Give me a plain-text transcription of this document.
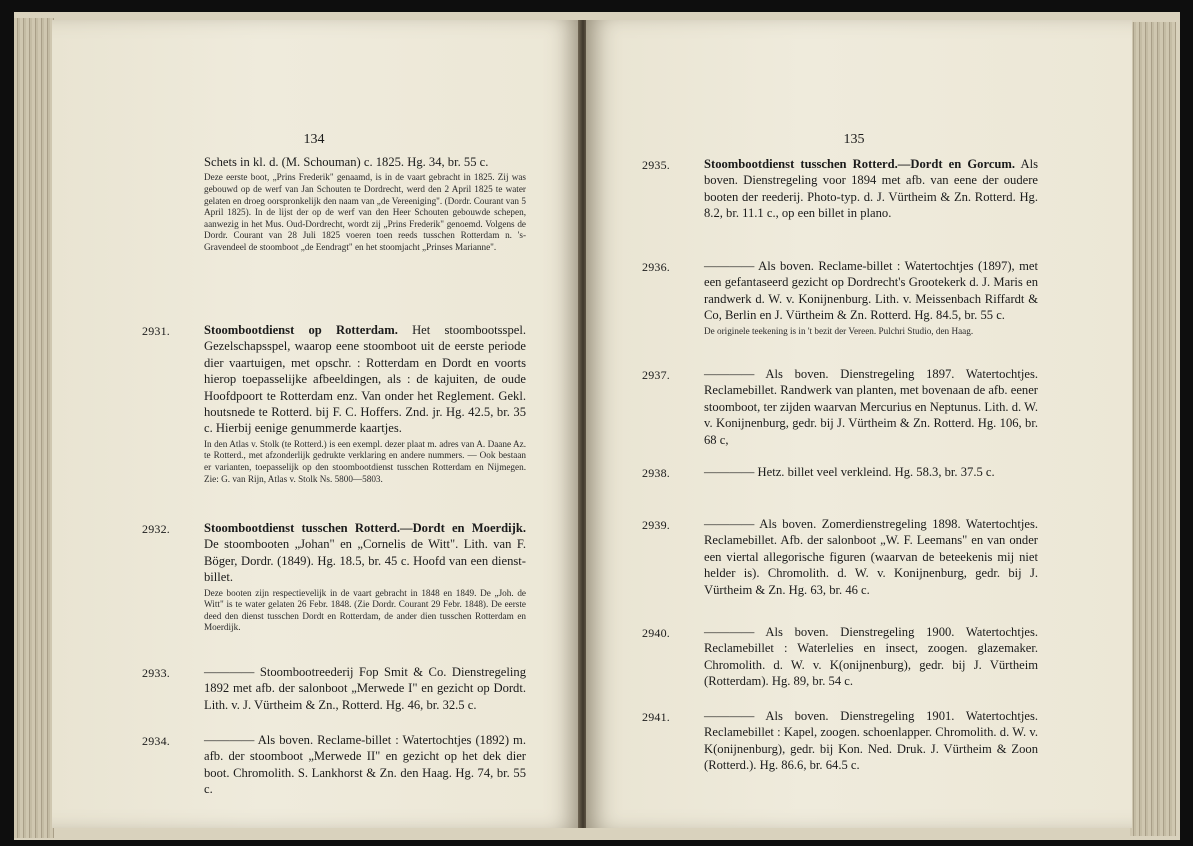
134
Schets in kl. d. (M. Schouman) c. 1825. Hg. 34, br. 55 c.
Deze eerste boot, „Prins Frederik" genaamd, is in de vaart gebracht in 1825. Zij was gebouwd op de werf van Jan Schouten te Dordrecht, werd den 2 April 1825 te water gelaten en droeg oorspronkelijk den naam van „de Vereeniging". (Dordr. Courant van 5 April 1825). In de lijst der op de werf van den Heer Schouten gebouwde schepen, aanwezig in het Mus. Oud-Dordrecht, wordt zij „Prins Frederik" genoemd. Volgens de Dordr. Courant van 28 Juli 1825 voeren toen reeds tusschen Rotterdam n. 's-Gravendeel de stoomboot „de Eendragt" en het stoomjacht „Prinses Marianne".
2931.	Stoombootdienst op Rotterdam. Het stoombootsspel. Gezelschapsspel, waarop eene stoomboot uit de eerste periode dier vaartuigen, met opschr. : Rotterdam en Dordt en voorts hierop toepasselijke afbeeldingen, als : de kajuiten, de oude Hoofdpoort te Rotterdam enz. Van onder het Reglement. Gekl. houtsnede te Rotterd. bij F. C. Hoffers. Znd. jr. Hg. 42.5, br. 35 c. Hierbij eenige genummerde kaartjes.
In den Atlas v. Stolk (te Rotterd.) is een exempl. dezer plaat m. adres van A. Daane Az. te Rotterd., met afzonderlijk gedrukte verklaring en andere nummers. — Ook bestaan er varianten, toepasselijk op den stoombootdienst tusschen Rotterdam en Nijmegen. Zie: G. van Rijn, Atlas v. Stolk Ns. 5800—5803.
2932.	Stoombootdienst tusschen Rotterd.—Dordt en Moerdijk. De stoombooten „Johan" en „Cornelis de Witt". Lith. van F. Böger, Dordr. (1849). Hg. 18.5, br. 45 c. Hoofd van een dienst-billet.
Deze booten zijn respectievelijk in de vaart gebracht in 1848 en 1849. De „Joh. de Witt" is te water gelaten 26 Febr. 1848. (Zie Dordr. Courant 29 Febr. 1848). De eerste deed den dienst tusschen Dordt en Rotterdam, de ander dien tusschen Rotterdam en Moerdijk.
2933.	———— Stoombootreederij Fop Smit & Co. Dienstregeling 1892 met afb. der salonboot „Merwede I" en gezicht op Dordt. Lith. v. J. Vürtheim & Zn., Rotterd. Hg. 46, br. 32.5 c.
2934.	———— Als boven. Reclame-billet : Watertochtjes (1892) m. afb. der stoomboot „Merwede II" en gezicht op het dek dier boot. Chromolith. S. Lankhorst & Zn. den Haag. Hg. 74, br. 55 c.
135
2935.	Stoombootdienst tusschen Rotterd.—Dordt en Gorcum. Als boven. Dienstregeling voor 1894 met afb. van eene der oudere booten der reederij. Photo-typ. d. J. Vürtheim & Zn. Rotterd. Hg. 8.2, br. 11.1 c., op een billet in plano.
2936.	———— Als boven. Reclame-billet : Watertochtjes (1897), met een gefantaseerd gezicht op Dordrecht's Grootekerk d. J. Maris en randwerk d. W. v. Konijnenburg. Lith. v. Meissenbach Riffardt & Co, Berlin en J. Vürtheim & Zn. Rotterd. Hg. 84.5, br. 55 c.
De originele teekening is in 't bezit der Vereen. Pulchri Studio, den Haag.
2937.	———— Als boven. Dienstregeling 1897. Watertochtjes. Reclamebillet. Randwerk van planten, met bovenaan de afb. eener stoomboot, ter zijden waarvan Mercurius en Neptunus. Lith. d. W. v. Konijnenburg, gedr. bij J. Vürtheim & Zn. Rotterd. Hg. 106, br. 68 c,
2938.	———— Hetz. billet veel verkleind. Hg. 58.3, br. 37.5 c.
2939.	———— Als boven. Zomerdienstregeling 1898. Watertochtjes. Reclamebillet. Afb. der salonboot „W. F. Leemans" en van onder een viertal allegorische figuren (waarvan de beteekenis mij niet helder is). Chromolith. d. W. v. Konijnenburg, gedr. bij J. Vürtheim & Zn. Hg. 63, br. 46 c.
2940.	———— Als boven. Dienstregeling 1900. Watertochtjes. Reclamebillet : Waterlelies en insect, zoogen. glazemaker. Chromolith. d. W. v. K(onijnenburg), gedr. bij J. Vürtheim (Rotterdam). Hg. 89, br. 54 c.
2941.	———— Als boven. Dienstregeling 1901. Watertochtjes. Reclamebillet : Kapel, zoogen. schoenlapper. Chromolith. d. W. v. K(onijnenburg), gedr. bij Kon. Ned. Druk. J. Vürtheim & Zoon (Rotterd.). Hg. 86.6, br. 64.5 c.
